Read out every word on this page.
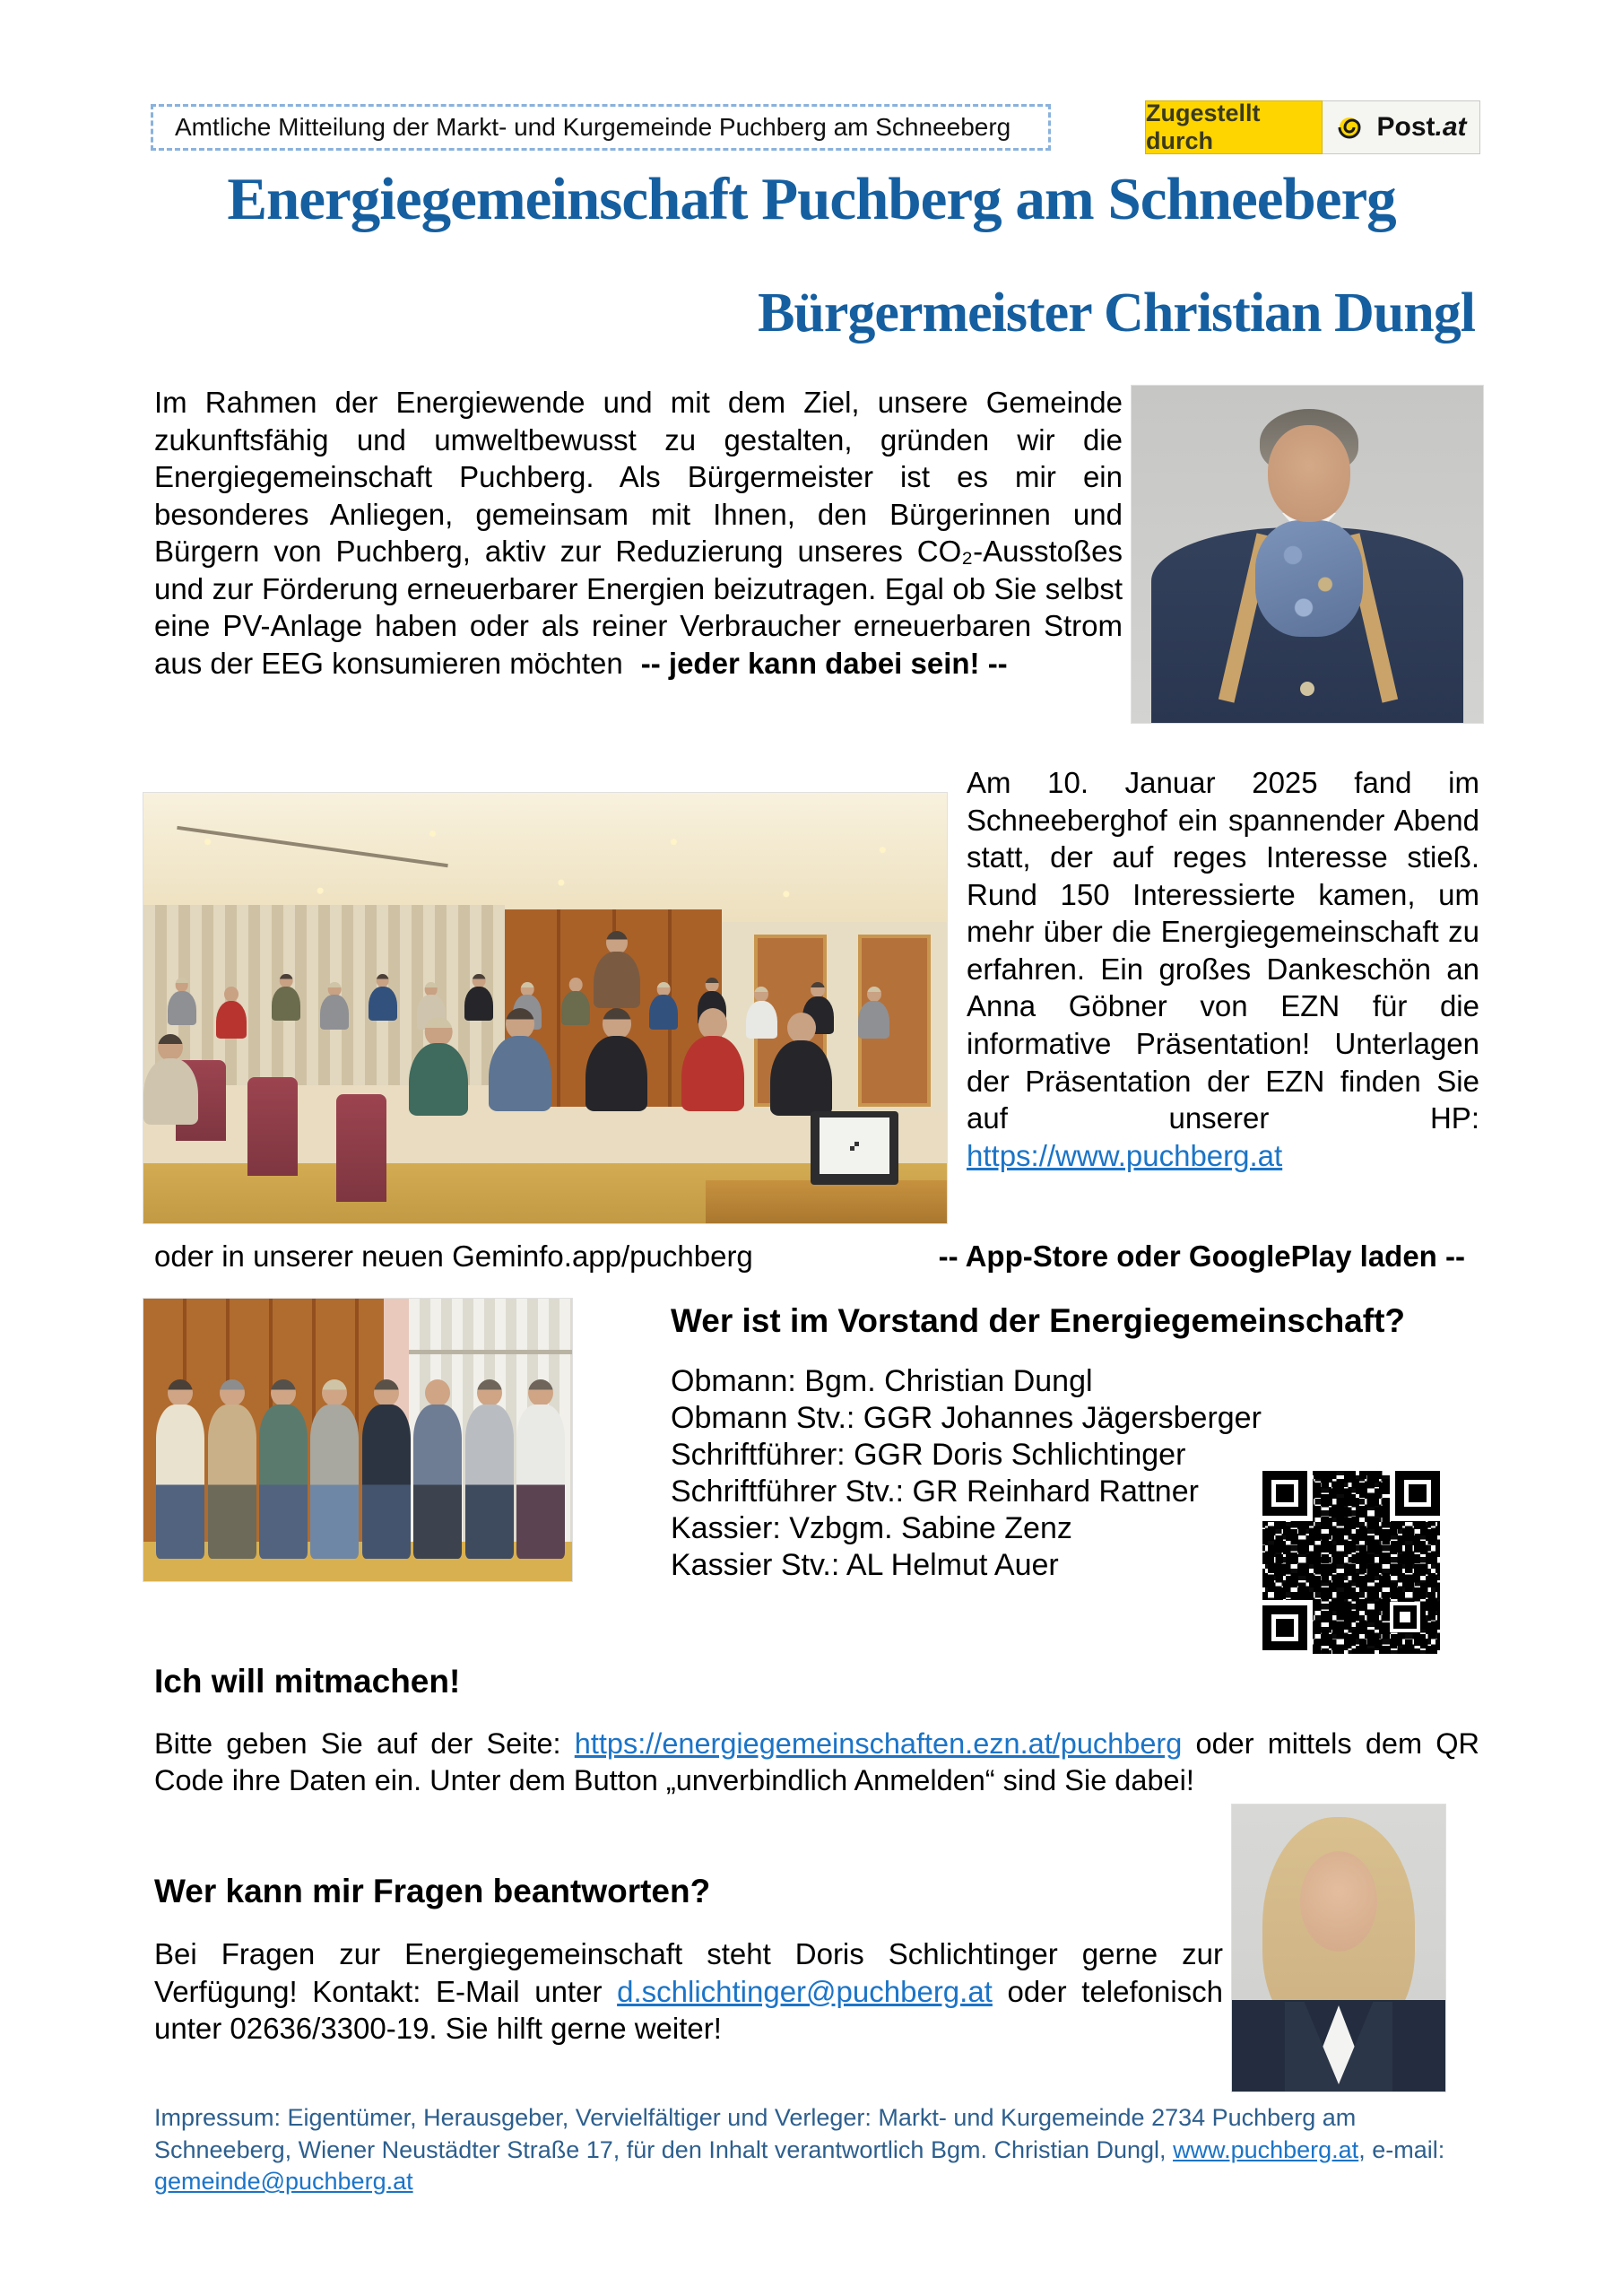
Amtliche Mitteilung der Markt- und Kurgemeinde Puchberg am Schneeberg	Zugestellt durch	Post.at
Energiegemeinschaft Puchberg am Schneeberg
Bürgermeister Christian Dungl
Im Rahmen der Energiewende und mit dem Ziel, unsere Gemeinde zukunftsfähig und umweltbewusst zu gestalten, gründen wir die Energiegemeinschaft Puchberg. Als Bürgermeister ist es mir ein besonderes Anliegen, gemeinsam mit Ihnen, den Bürgerinnen und Bürgern von Puchberg, aktiv zur Reduzierung unseres CO₂-Ausstoßes und zur Förderung erneuerbarer Energien beizutragen. Egal ob Sie selbst eine PV-Anlage haben oder als reiner Verbraucher erneuerbaren Strom aus der EEG konsumieren möchten -- jeder kann dabei sein! --
Am 10. Januar 2025 fand im Schneeberghof ein spannender Abend statt, der auf reges Interesse stieß. Rund 150 Interessierte kamen, um mehr über die Energiegemeinschaft zu erfahren. Ein großes Dankeschön an Anna Göbner von EZN für die informative Präsentation! Unterlagen der Präsentation der EZN finden Sie auf unserer HP: https://www.puchberg.at
oder in unserer neuen Geminfo.app/puchberg	-- App-Store oder GooglePlay laden --
Wer ist im Vorstand der Energiegemeinschaft?
Obmann: Bgm. Christian Dungl
Obmann Stv.: GGR Johannes Jägersberger
Schriftführer: GGR Doris Schlichtinger
Schriftführer Stv.: GR Reinhard Rattner
Kassier: Vzbgm. Sabine Zenz
Kassier Stv.: AL Helmut Auer
Ich will mitmachen!
Bitte geben Sie auf der Seite: https://energiegemeinschaften.ezn.at/puchberg oder mittels dem QR Code ihre Daten ein. Unter dem Button „unverbindlich Anmelden“ sind Sie dabei!
Wer kann mir Fragen beantworten?
Bei Fragen zur Energiegemeinschaft steht Doris Schlichtinger gerne zur Verfügung! Kontakt: E-Mail unter d.schlichtinger@puchberg.at oder telefonisch unter 02636/3300-19. Sie hilft gerne weiter!
Impressum: Eigentümer, Herausgeber, Vervielfältiger und Verleger: Markt- und Kurgemeinde 2734 Puchberg am Schneeberg, Wiener Neustädter Straße 17, für den Inhalt verantwortlich Bgm. Christian Dungl, www.puchberg.at, e-mail: gemeinde@puchberg.at
